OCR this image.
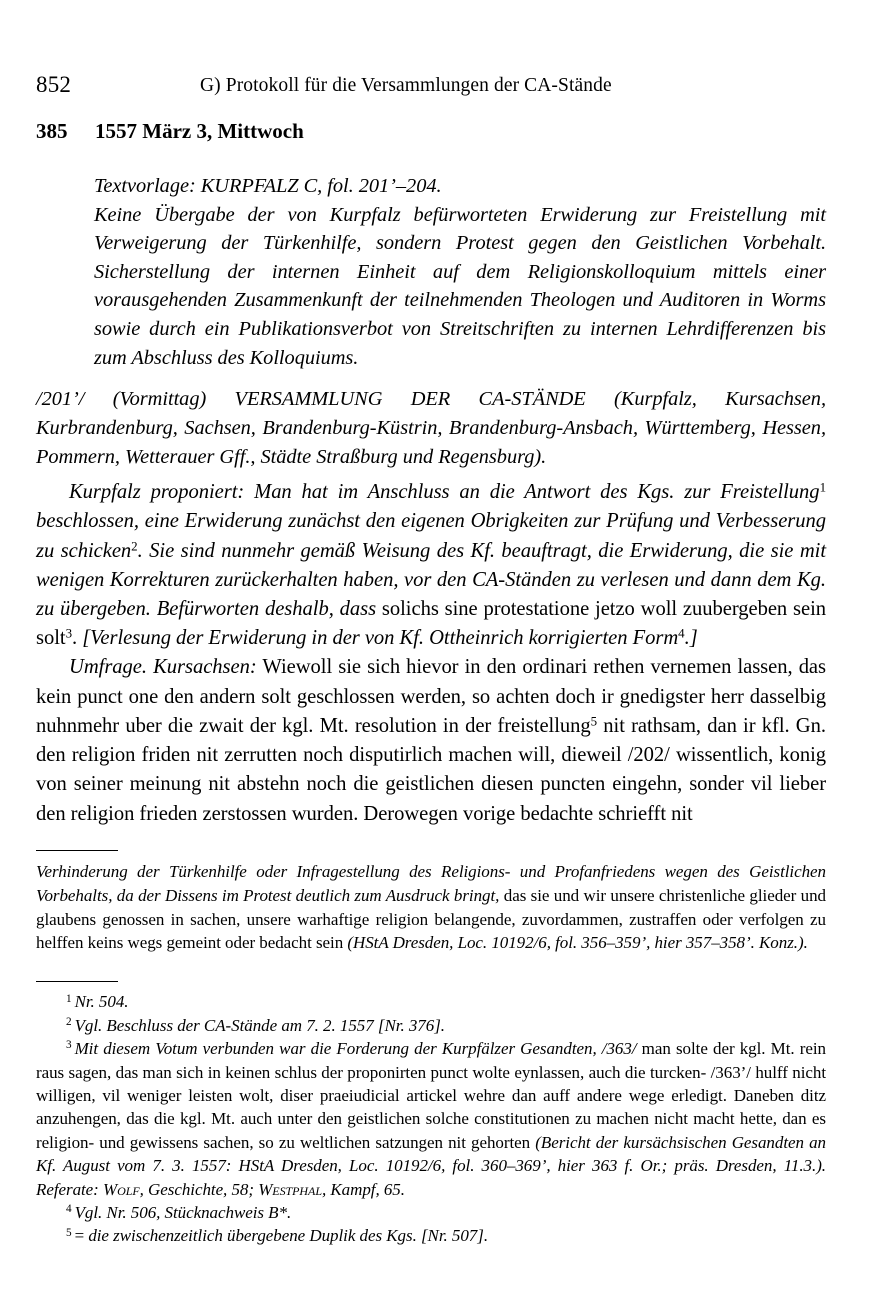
852	G) Protokoll für die Versammlungen der CA-Stände
385 1557 März 3, Mittwoch

Textvorlage: KURPFALZ C, fol. 201’–204.
Keine Übergabe der von Kurpfalz befürworteten Erwiderung zur Freistellung mit Verweigerung der Türkenhilfe, sondern Protest gegen den Geistlichen Vorbehalt. Sicherstellung der internen Einheit auf dem Religionskolloquium mittels einer vorausgehenden Zusammenkunft der teilnehmenden Theologen und Auditoren in Worms sowie durch ein Publikationsverbot von Streitschriften zu internen Lehrdifferenzen bis zum Abschluss des Kolloquiums.

/201’/ (Vormittag) VERSAMMLUNG DER CA-STÄNDE (Kurpfalz, Kursachsen, Kurbrandenburg, Sachsen, Brandenburg-Küstrin, Brandenburg-Ansbach, Württemberg, Hessen, Pommern, Wetterauer Gff., Städte Straßburg und Regensburg).

Kurpfalz proponiert: Man hat im Anschluss an die Antwort des Kgs. zur Freistellung$^1$ beschlossen, eine Erwiderung zunächst den eigenen Obrigkeiten zur Prüfung und Verbesserung zu schicken$^2$. Sie sind nunmehr gemäß Weisung des Kf. beauftragt, die Erwiderung, die sie mit wenigen Korrekturen zurückerhalten haben, vor den CA-Ständen zu verlesen und dann dem Kg. zu übergeben. Befürworten deshalb, dass solichs sine protestatione jetzo woll zuubergeben sein solt$^3$. [Verlesung der Erwiderung in der von Kf. Ottheinrich korrigierten Form$^4$.]

Umfrage. Kursachsen: Wiewoll sie sich hievor in den ordinari rethen vernemen lassen, das kein punct one den andern solt geschlossen werden, so achten doch ir gnedigster herr dasselbig nuhnmehr uber die zwait der kgl. Mt. resolution in der freistellung$^5$ nit rathsam, dan ir kfl. Gn. den religion friden nit zerrutten noch disputirlich machen will, dieweil /202/ wissentlich, konig von seiner meinung nit abstehn noch die geistlichen diesen puncten eingehn, sonder vil lieber den religion frieden zerstossen wurden. Derowegen vorige bedachte schriefft nit

Verhinderung der Türkenhilfe oder Infragestellung des Religions- und Profanfriedens wegen des Geistlichen Vorbehalts, da der Dissens im Protest deutlich zum Ausdruck bringt, das sie und wir unsere christenliche glieder und glaubens genossen in sachen, unsere warhaftige religion belangende, zuvordammen, zustraffen oder verfolgen zu helffen keins wegs gemeint oder bedacht sein (HStA Dresden, Loc. 10192/6, fol. 356–359’, hier 357–358’. Konz.).

$^1$ Nr. 504.

$^2$ Vgl. Beschluss der CA-Stände am 7. 2. 1557 [Nr. 376].

$^3$ Mit diesem Votum verbunden war die Forderung der Kurpfälzer Gesandten, /363/ man solte der kgl. Mt. rein raus sagen, das man sich in keinen schlus der proponirten punct wolte eynlassen, auch die turcken- /363’/ hulff nicht willigen, vil weniger leisten wolt, diser praeiudicial artickel wehre dan auff andere wege erledigt. Daneben ditz anzuhengen, das die kgl. Mt. auch unter den geistlichen solche constitutionen zu machen nicht macht hette, dan es religion- und gewissens sachen, so zu weltlichen satzungen nit gehorten (Bericht der kursächsischen Gesandten an Kf. August vom 7. 3. 1557: HStA Dresden, Loc. 10192/6, fol. 360–369’, hier 363 f. Or.; präs. Dresden, 11.3.). Referate: Wolf, Geschichte, 58; Westphal, Kampf, 65.

$^4$ Vgl. Nr. 506, Stücknachweis B*.

$^5$ = die zwischenzeitlich übergebene Duplik des Kgs. [Nr. 507].
